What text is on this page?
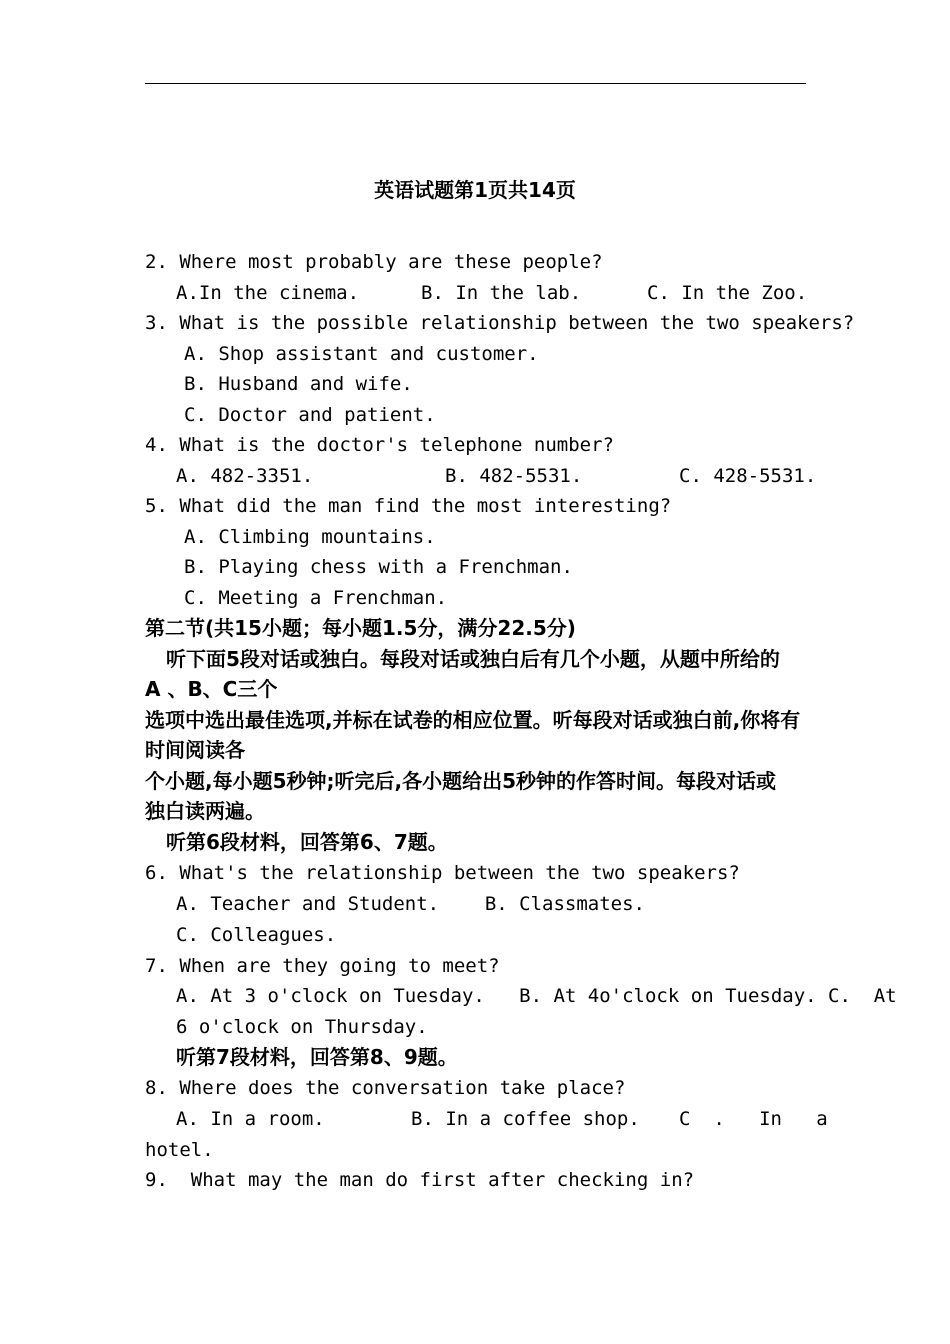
英语试题第1页共14页
2. Where most probably are these people?
A.In the cinema.	B. In the lab.	C. In the Zoo.
3. What is the possible relationship between the two speakers?
A. Shop assistant and customer.
B. Husband and wife.
C. Doctor and patient.
4. What is the doctor's telephone number?
A. 482-3351.	B. 482-5531.	C. 428-5531.
5. What did the man find the most interesting?
A. Climbing mountains.
B. Playing chess with a Frenchman.
C. Meeting a Frenchman.
第二节(共15小题；每小题1.5分，满分22.5分)
听下面5段对话或独白。每段对话或独白后有几个小题，从题中所给的
A 、B、C三个
选项中选出最佳选项,并标在试卷的相应位置。听每段对话或独白前,你将有
时间阅读各
个小题,每小题5秒钟;听完后,各小题给出5秒钟的作答时间。每段对话或
独白读两遍。
听第6段材料，回答第6、7题。
6. What's the relationship between the two speakers?
A. Teacher and Student.    B. Classmates.
C. Colleagues.
7. When are they going to meet?
A. At 3 o'clock on Tuesday.   B. At 4o'clock on Tuesday. C.  At
6 o'clock on Thursday.
听第7段材料，回答第8、9题。
8. Where does the conversation take place?
A. In a room.	B. In a coffee shop. C  .   In   a
hotel.
9.  What may the man do first after checking in?
